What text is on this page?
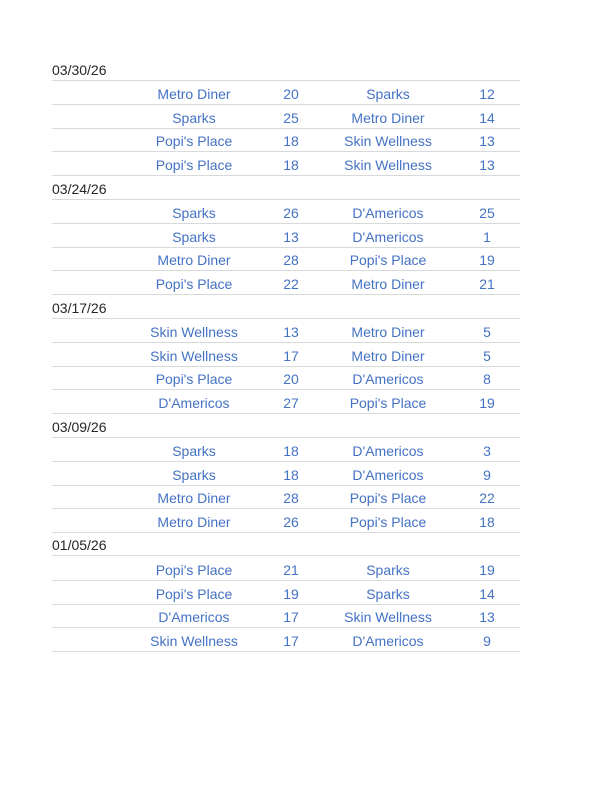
03/30/26
Metro Diner	20	Sparks	12
Sparks	25	Metro Diner	14
Popi's Place	18	Skin Wellness	13
Popi's Place	18	Skin Wellness	13
03/24/26
Sparks	26	D'Americos	25
Sparks	13	D'Americos	1
Metro Diner	28	Popi's Place	19
Popi's Place	22	Metro Diner	21
03/17/26
Skin Wellness	13	Metro Diner	5
Skin Wellness	17	Metro Diner	5
Popi's Place	20	D'Americos	8
D'Americos	27	Popi's Place	19
03/09/26
Sparks	18	D'Americos	3
Sparks	18	D'Americos	9
Metro Diner	28	Popi's Place	22
Metro Diner	26	Popi's Place	18
01/05/26
Popi's Place	21	Sparks	19
Popi's Place	19	Sparks	14
D'Americos	17	Skin Wellness	13
Skin Wellness	17	D'Americos	9
